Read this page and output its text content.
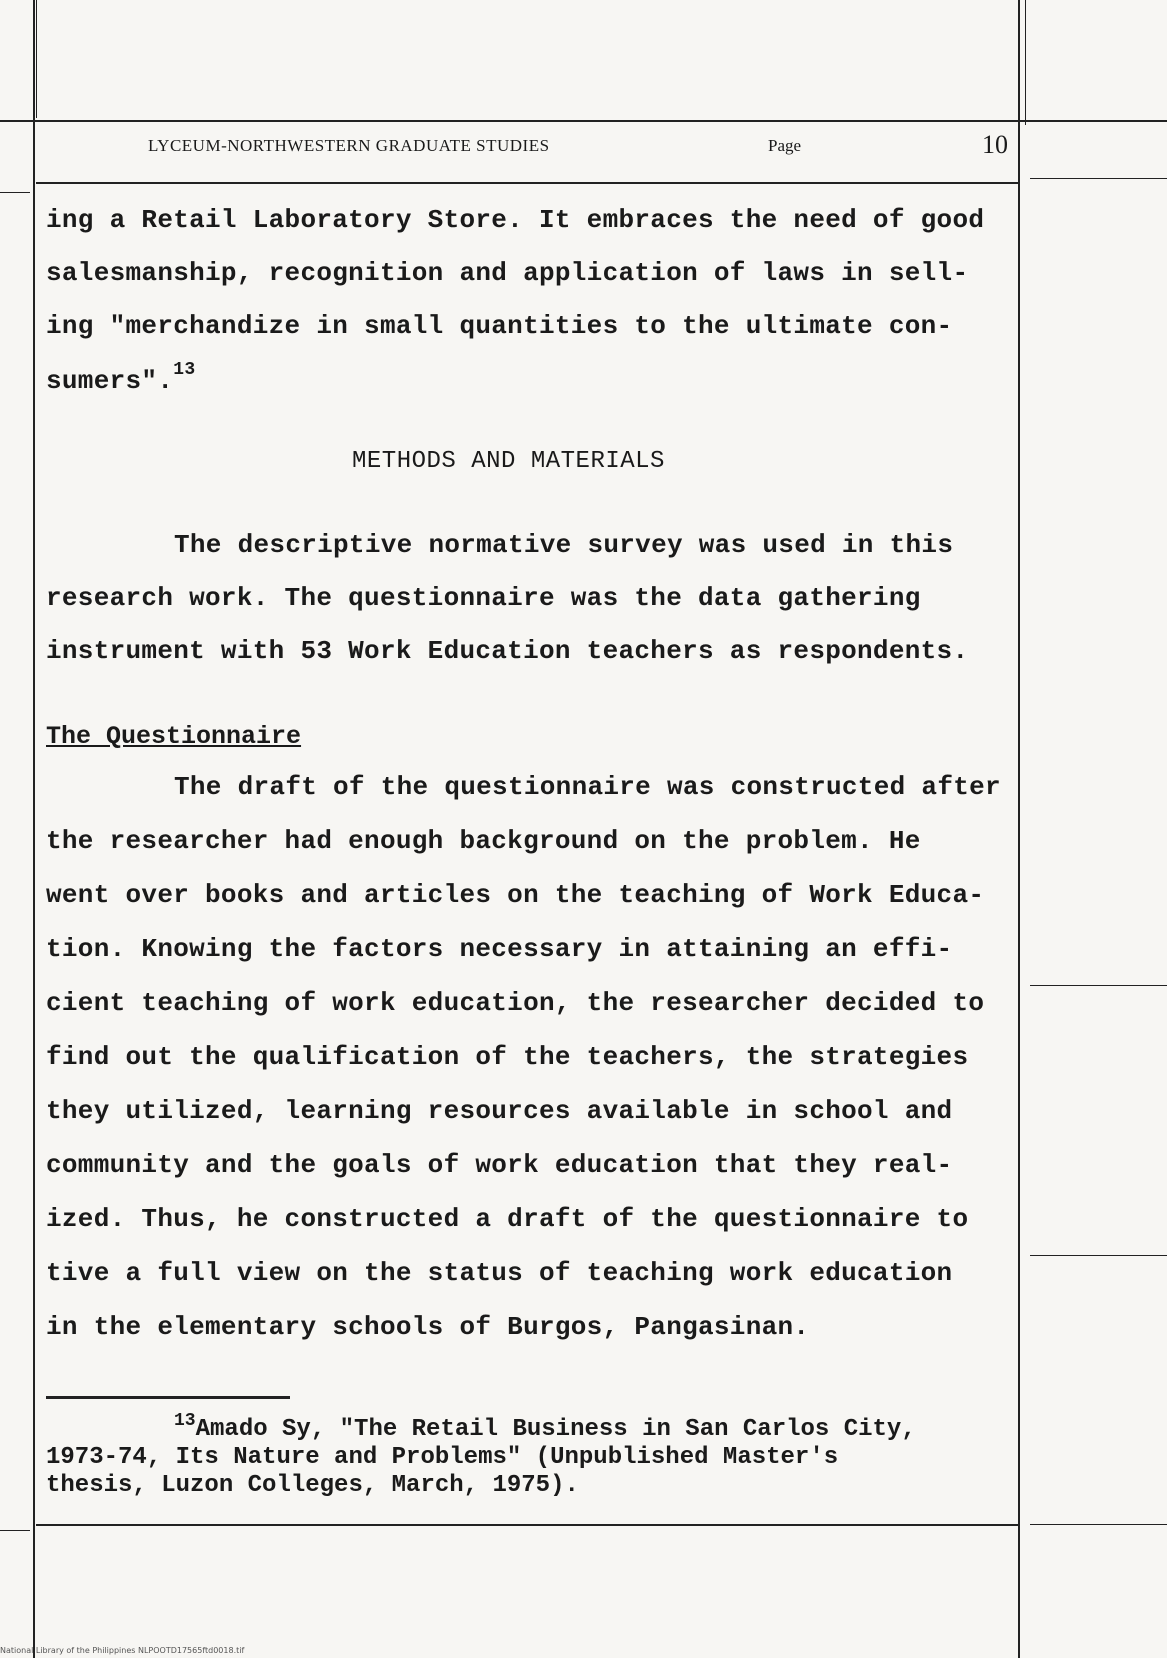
LYCEUM-NORTHWESTERN GRADUATE STUDIES	Page	10
ing a Retail Laboratory Store. It embraces the need of good
salesmanship, recognition and application of laws in sell-
ing "merchandize in small quantities to the ultimate con-
sumers".$^{13}$
METHODS AND MATERIALS
The descriptive normative survey was used in this
research work. The questionnaire was the data gathering
instrument with 53 Work Education teachers as respondents.
The Questionnaire
The draft of the questionnaire was constructed after
the researcher had enough background on the problem. He
went over books and articles on the teaching of Work Educa-
tion. Knowing the factors necessary in attaining an effi-
cient teaching of work education, the researcher decided to
find out the qualification of the teachers, the strategies
they utilized, learning resources available in school and
community and the goals of work education that they real-
ized. Thus, he constructed a draft of the questionnaire to
tive a full view on the status of teaching work education
in the elementary schools of Burgos, Pangasinan.
$^{13}$Amado Sy, "The Retail Business in San Carlos City,
1973-74, Its Nature and Problems" (Unpublished Master's
thesis, Luzon Colleges, March, 1975).
National Library of the Philippines NLPOOTD17565ftd0018.tif
